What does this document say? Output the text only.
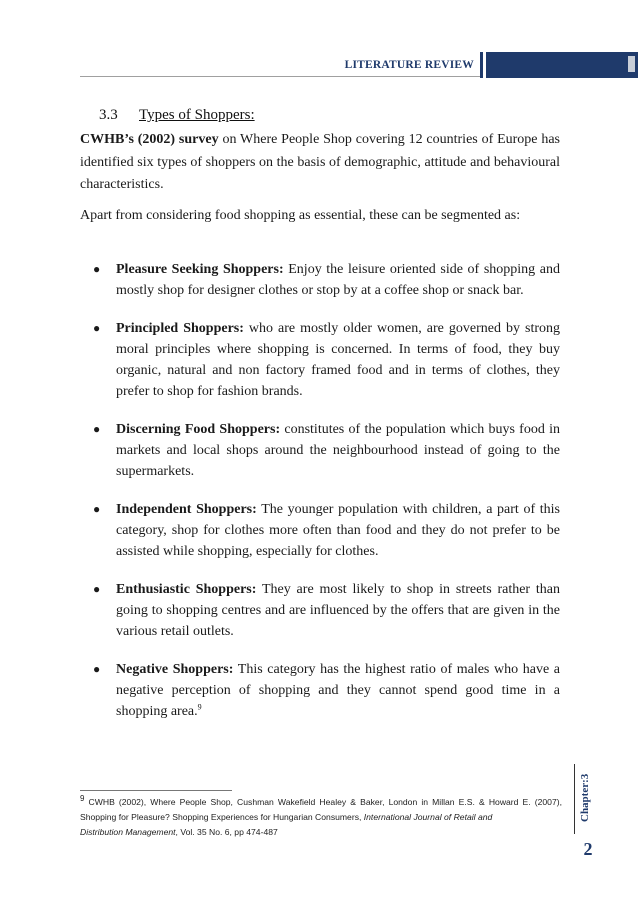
LITERATURE REVIEW
3.3 Types of Shoppers:

CWHB’s (2002) survey on Where People Shop covering 12 countries of Europe has identified six types of shoppers on the basis of demographic, attitude and behavioural characteristics.

Apart from considering food shopping as essential, these can be segmented as:

● Pleasure Seeking Shoppers: Enjoy the leisure oriented side of shopping and mostly shop for designer clothes or stop by at a coffee shop or snack bar.
● Principled Shoppers: who are mostly older women, are governed by strong moral principles where shopping is concerned. In terms of food, they buy organic, natural and non factory framed food and in terms of clothes, they prefer to shop for fashion brands.
● Discerning Food Shoppers: constitutes of the population which buys food in markets and local shops around the neighbourhood instead of going to the supermarkets.
● Independent Shoppers: The younger population with children, a part of this category, shop for clothes more often than food and they do not prefer to be assisted while shopping, especially for clothes.
● Enthusiastic Shoppers: They are most likely to shop in streets rather than going to shopping centres and are influenced by the offers that are given in the various retail outlets.
● Negative Shoppers: This category has the highest ratio of males who have a negative perception of shopping and they cannot spend good time in a shopping area.$^9$
$^9$ CWHB (2002), Where People Shop, Cushman Wakefield Healey & Baker, London in Millan E.S. & Howard E. (2007), Shopping for Pleasure? Shopping Experiences for Hungarian Consumers, International Journal of Retail and
Distribution Management, Vol. 35 No. 6, pp 474-487
Chapter:3
2
